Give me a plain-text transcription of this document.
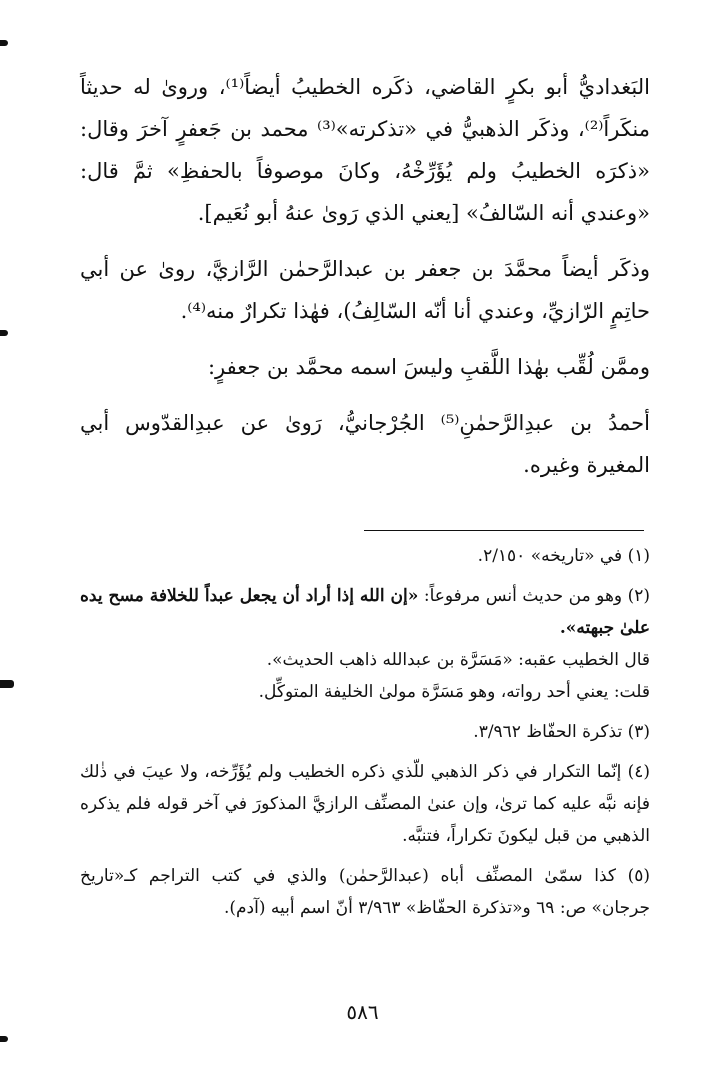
البَغداديُّ أبو بكرٍ القاضي، ذكَره الخطيبُ أيضاً⁽¹⁾، وروىٰ له حديثاً منكَراً⁽²⁾، وذكَر الذهبيُّ في «تذكرته»⁽³⁾ محمد بن جَعفرٍ آخرَ وقال: «ذكرَه الخطيبُ ولم يُؤَرِّخْهُ، وكانَ موصوفاً بالحفظِ» ثمَّ قال: «وعندي أنه السّالفُ» [يعني الذي رَوىٰ عنهُ أبو نُعَيم].

وذكَر أيضاً محمَّدَ بن جعفر بن عبدالرَّحمٰن الرَّازيَّ، روىٰ عن أبي حاتِمٍ الرّازيِّ، وعندي أنا أنّه السّالِفُ)، فهٰذا تكرارٌ منه⁽⁴⁾.

وممَّن لُقِّب بهٰذا اللَّقبِ وليسَ اسمه محمَّد بن جعفرٍ:

أحمدُ بن عبدِالرَّحمٰنِ⁽⁵⁾ الجُرْجانيُّ، رَوىٰ عن عبدِالقدّوس أبي المغيرة وغيره.

(١) في «تاريخه» ٢/١٥٠.

(٢) وهو من حديث أنس مرفوعاً: «إن الله إذا أراد أن يجعل عبداً للخلافة مسح يده علىٰ جبهته».
قال الخطيب عقبه: «مَسَرَّة بن عبدالله ذاهب الحديث».
قلت: يعني أحد رواته، وهو مَسَرَّة مولىٰ الخليفة المتوكِّل.

(٣) تذكرة الحفّاظ ٣/٩٦٢.

(٤) إنّما التكرار في ذكر الذهبي للّذي ذكره الخطيب ولم يُؤَرِّخه، ولا عيبَ في ذٰلك فإنه نبَّه عليه كما ترىٰ، وإن عنىٰ المصنِّف الرازيَّ المذكورَ في آخر قوله فلم يذكره الذهبي من قبل ليكونَ تكراراً، فتنبَّه.

(٥) كذا سمّىٰ المصنِّف أباه (عبدالرَّحمٰن) والذي في كتب التراجم كـ«تاريخ جرجان» ص: ٦٩ و«تذكرة الحفّاظ» ٣/٩٦٣ أنّ اسم أبيه (آدم).

٥٨٦
